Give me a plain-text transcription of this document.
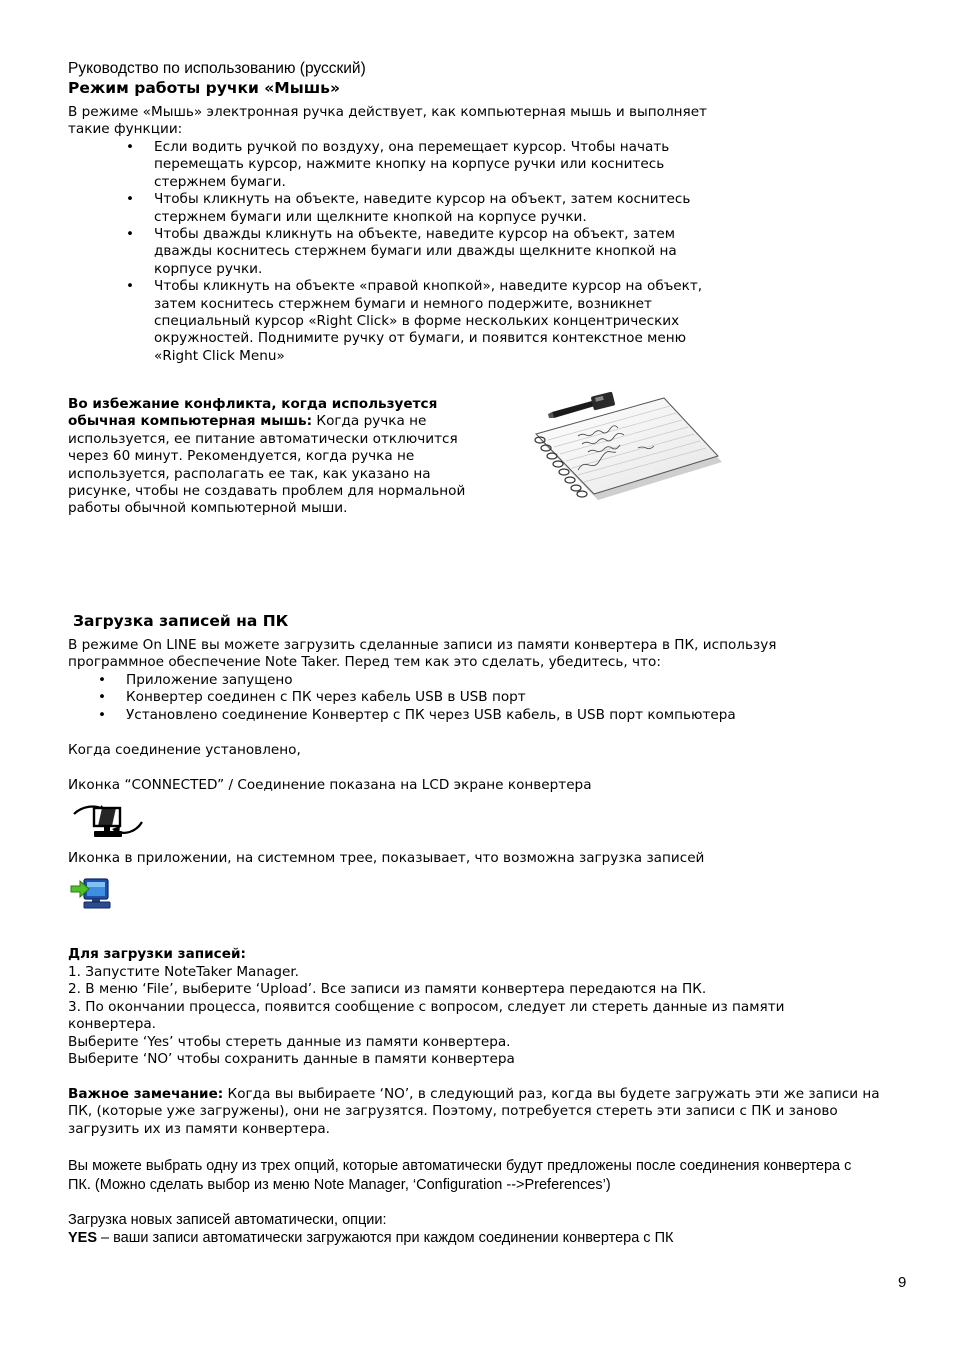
Руководство по использованию (русский)
Режим работы ручки «Мышь»

В режиме «Мышь» электронная ручка действует, как компьютерная мышь и выполняет такие функции:

• Если водить ручкой по воздуху, она перемещает курсор. Чтобы начать перемещать курсор, нажмите кнопку на корпусе ручки или коснитесь стержнем бумаги.
• Чтобы кликнуть на объекте, наведите курсор на объект, затем коснитесь стержнем бумаги или щелкните кнопкой на корпусе ручки.
• Чтобы дважды кликнуть на объекте, наведите курсор на объект, затем дважды коснитесь стержнем бумаги или дважды щелкните кнопкой на корпусе ручки.
• Чтобы кликнуть на объекте «правой кнопкой», наведите курсор на объект, затем коснитесь стержнем бумаги и немного подержите, возникнет специальный курсор «Right Click» в форме нескольких концентрических окружностей. Поднимите ручку от бумаги, и появится контекстное меню «Right Click Menu»

Во избежание конфликта, когда используется обычная компьютерная мышь: Когда ручка не используется, ее питание автоматически отключится через 60 минут. Рекомендуется, когда ручка не используется, располагать ее так, как указано на рисунке, чтобы не создавать проблем для нормальной работы обычной компьютерной мыши.

Загрузка записей на ПК

В режиме On LINE вы можете загрузить сделанные записи из памяти конвертера в ПК, используя программное обеспечение Note Taker. Перед тем как это сделать, убедитесь, что:

• Приложение запущено
• Конвертер соединен с ПК через кабель USB в USB порт
• Установлено соединение Конвертер с ПК через USB кабель, в USB порт компьютера

Когда соединение установлено,

Иконка “CONNECTED” / Соединение показана на LCD экране конвертера

Иконка в приложении, на системном трее, показывает, что возможна загрузка записей

Для загрузки записей:

1. Запустите NoteTaker Manager.
2. В меню ‘File’, выберите ‘Upload’. Все записи из памяти конвертера передаются на ПК.
3. По окончании процесса, появится сообщение с вопросом, следует ли стереть данные из памяти конвертера.
Выберите ‘Yes’ чтобы стереть данные из памяти конвертера.
Выберите ‘NO’ чтобы сохранить данные в памяти конвертера

Важное замечание: Когда вы выбираете ‘NO’, в следующий раз, когда вы будете загружать эти же записи на ПК, (которые уже загружены), они не загрузятся. Поэтому, потребуется стереть эти записи с ПК и заново загрузить их из памяти конвертера.

Вы можете выбрать одну из трех опций, которые автоматически будут предложены после соединения конвертера с ПК. (Можно сделать выбор из меню Note Manager, ‘Configuration -->Preferences’)

Загрузка новых записей автоматически, опции:

YES – ваши записи автоматически загружаются при каждом соединении конвертера с ПК

9
